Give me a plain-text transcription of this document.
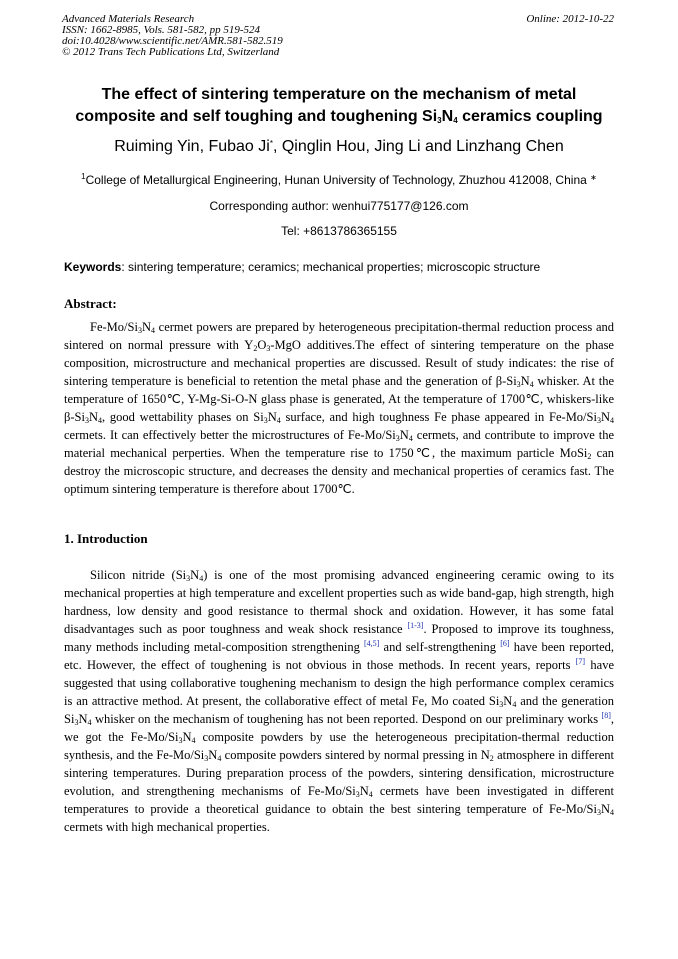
Advanced Materials Research
ISSN: 1662-8985, Vols. 581-582, pp 519-524
doi:10.4028/www.scientific.net/AMR.581-582.519
© 2012 Trans Tech Publications Ltd, Switzerland
Online: 2012-10-22
The effect of sintering temperature on the mechanism of metal
composite and self toughing and toughening $Si_3N_4$ ceramics coupling
Ruiming Yin, Fubao Ji*, Qinglin Hou, Jing Li and Linzhang Chen
$^1$College of Metallurgical Engineering, Hunan University of Technology, Zhuzhou 412008, China ∗
Corresponding author: wenhui775177@126.com
Tel: +8613786365155
Keywords: sintering temperature; ceramics; mechanical properties; microscopic structure
Abstract:

$Fe-Mo/Si_3N_4$ cermet powers are prepared by heterogeneous precipitation-thermal reduction process and sintered on normal pressure with $Y_2O_3$-MgO additives.The effect of sintering temperature on the phase composition, microstructure and mechanical properties are discussed. Result of study indicates: the rise of sintering temperature is beneficial to retention the metal phase and the generation of $\beta-Si_3N_4$ whisker. At the temperature of 1650℃, Y-Mg-Si-O-N glass phase is generated, At the temperature of 1700℃, whiskers-like $\beta-Si_3N_4$, good wettability phases on $Si_3N_4$ surface, and high toughness Fe phase appeared in $Fe-Mo/Si_3N_4$ cermets. It can effectively better the microstructures of $Fe-Mo/Si_3N_4$ cermets, and contribute to improve the material mechanical perperties. When the temperature rise to 1750℃, the maximum particle MoSi$_2$ can destroy the microscopic structure, and decreases the density and mechanical properties of ceramics fast. The optimum sintering temperature is therefore about 1700℃.

1. Introduction

Silicon nitride $(Si_3N_4)$ is one of the most promising advanced engineering ceramic owing to its mechanical properties at high temperature and excellent properties such as wide band-gap, high strength, high hardness, low density and good resistance to thermal shock and oxidation. However, it has some fatal disadvantages such as poor toughness and weak shock resistance [1-3]. Proposed to improve its toughness, many methods including metal-composition strengthening [4,5] and self-strengthening [6] have been reported, etc. However, the effect of toughening is not obvious in those methods. In recent years, reports [7] have suggested that using collaborative toughening mechanism to design the high performance complex ceramics is an attractive method. At present, the collaborative effect of metal Fe, Mo coated $Si_3N_4$ and the generation $Si_3N_4$ whisker on the mechanism of toughening has not been reported. Despond on our preliminary works [8], we got the $Fe-Mo/Si_3N_4$ composite powders by use the heterogeneous precipitation-thermal reduction synthesis, and the $Fe-Mo/Si_3N_4$ composite powders sintered by normal pressing in $N_2$ atmosphere in different sintering temperatures. During preparation process of the powders, sintering densification, microstructure evolution, and strengthening mechanisms of $Fe-Mo/Si_3N_4$ cermets have been investigated in different temperatures to provide a theoretical guidance to obtain the best sintering temperature of $Fe-Mo/Si_3N_4$ cermets with high mechanical properties.
